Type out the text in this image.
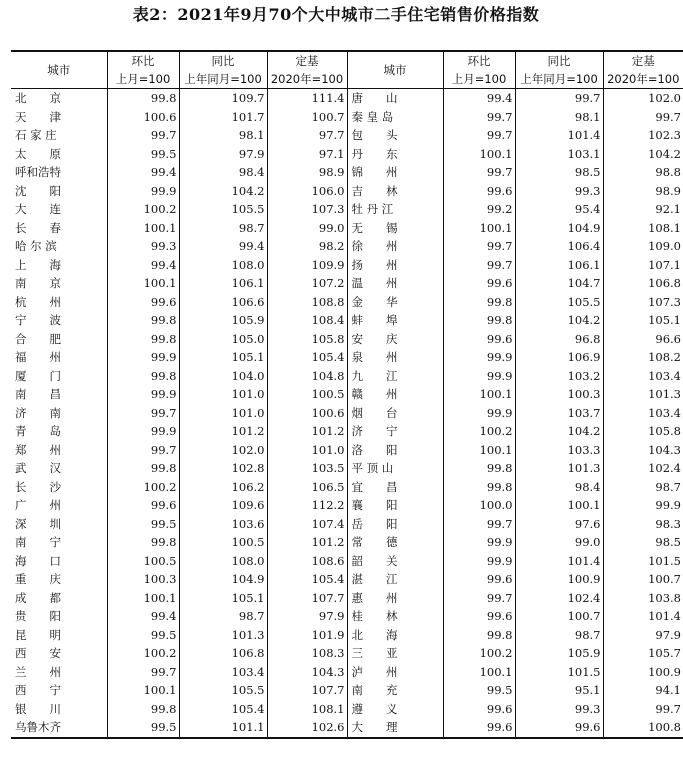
表2：2021年9月70个大中城市二手住宅销售价格指数
城市	环比	同比	定基	城市	环比	同比	定基
	上月=100	上年同月=100	2020年=100		上月=100	上年同月=100	2020年=100
北　　京	99.8	109.7	111.4	唐　　山	99.4	99.7	102.0
天　　津	100.6	101.7	100.7	秦 皇 岛	99.7	98.1	99.7
石 家 庄	99.7	98.1	97.7	包　　头	99.7	101.4	102.3
太　　原	99.5	97.9	97.1	丹　　东	100.1	103.1	104.2
呼和浩特	99.4	98.4	98.9	锦　　州	99.7	98.5	98.8
沈　　阳	99.9	104.2	106.0	吉　　林	99.6	99.3	98.9
大　　连	100.2	105.5	107.3	牡 丹 江	99.2	95.4	92.1
长　　春	100.1	98.7	99.0	无　　锡	100.1	104.9	108.1
哈 尔 滨	99.3	99.4	98.2	徐　　州	99.7	106.4	109.0
上　　海	99.4	108.0	109.9	扬　　州	99.7	106.1	107.1
南　　京	100.1	106.1	107.2	温　　州	99.6	104.7	106.8
杭　　州	99.6	106.6	108.8	金　　华	99.8	105.5	107.3
宁　　波	99.8	105.9	108.4	蚌　　埠	99.8	104.2	105.1
合　　肥	99.8	105.0	105.8	安　　庆	99.6	96.8	96.6
福　　州	99.9	105.1	105.4	泉　　州	99.9	106.9	108.2
厦　　门	99.8	104.0	104.8	九　　江	99.9	103.2	103.4
南　　昌	99.9	101.0	100.5	赣　　州	100.1	100.3	101.3
济　　南	99.7	101.0	100.6	烟　　台	99.9	103.7	103.4
青　　岛	99.9	101.2	101.2	济　　宁	100.2	104.2	105.8
郑　　州	99.7	102.0	101.0	洛　　阳	100.1	103.3	104.3
武　　汉	99.8	102.8	103.5	平 顶 山	99.8	101.3	102.4
长　　沙	100.2	106.2	106.5	宜　　昌	99.8	98.4	98.7
广　　州	99.6	109.6	112.2	襄　　阳	100.0	100.1	99.9
深　　圳	99.5	103.6	107.4	岳　　阳	99.7	97.6	98.3
南　　宁	99.8	100.5	101.2	常　　德	99.9	99.0	98.5
海　　口	100.5	108.0	108.6	韶　　关	99.9	101.4	101.5
重　　庆	100.3	104.9	105.4	湛　　江	99.6	100.9	100.7
成　　都	100.1	105.1	107.7	惠　　州	99.7	102.4	103.8
贵　　阳	99.4	98.7	97.9	桂　　林	99.6	100.7	101.4
昆　　明	99.5	101.3	101.9	北　　海	99.8	98.7	97.9
西　　安	100.2	106.8	108.3	三　　亚	100.2	105.9	105.7
兰　　州	99.7	103.4	104.3	泸　　州	100.1	101.5	100.9
西　　宁	100.1	105.5	107.7	南　　充	99.5	95.1	94.1
银　　川	99.8	105.4	108.1	遵　　义	99.6	99.3	99.7
乌鲁木齐	99.5	101.1	102.6	大　　理	99.6	99.6	100.8
